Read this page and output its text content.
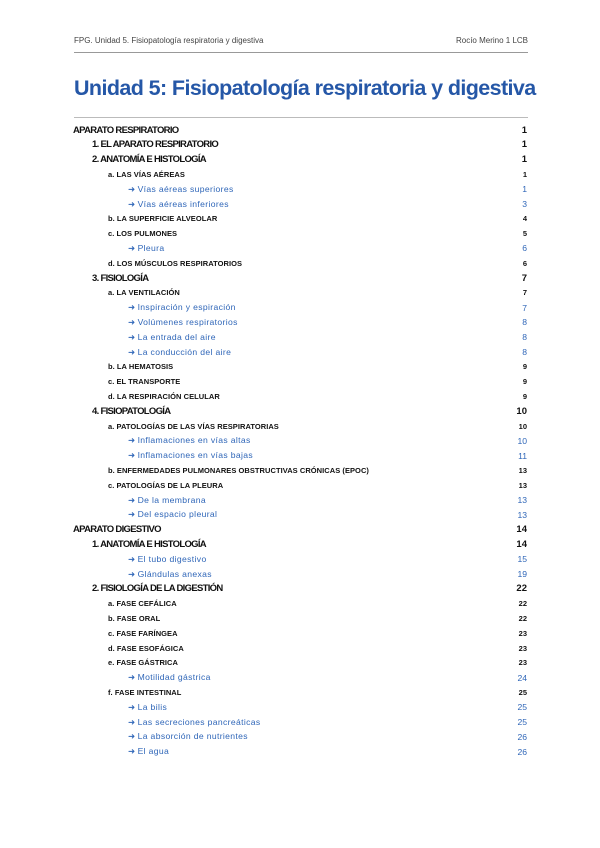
FPG. Unidad 5. Fisiopatología respiratoria y digestiva	Rocío Merino 1 LCB
Unidad 5: Fisiopatología respiratoria y digestiva
APARATO RESPIRATORIO	1
1. EL APARATO RESPIRATORIO	1
2. ANATOMÍA E HISTOLOGÍA	1
a. LAS VÍAS AÉREAS	1
➜ Vías aéreas superiores	1
➜ Vías aéreas inferiores	3
b. LA SUPERFICIE ALVEOLAR	4
c. LOS PULMONES	5
➜ Pleura	6
d. LOS MÚSCULOS RESPIRATORIOS	6
3. FISIOLOGÍA	7
a. LA VENTILACIÓN	7
➜ Inspiración y espiración	7
➜ Volúmenes respiratorios	8
➜ La entrada del aire	8
➜ La conducción del aire	8
b. LA HEMATOSIS	9
c. EL TRANSPORTE	9
d. LA RESPIRACIÓN CELULAR	9
4. FISIOPATOLOGÍA	10
a. PATOLOGÍAS DE LAS VÍAS RESPIRATORIAS	10
➜ Inflamaciones en vías altas	10
➜ Inflamaciones en vías bajas	11
b. ENFERMEDADES PULMONARES OBSTRUCTIVAS CRÓNICAS (EPOC)	13
c. PATOLOGÍAS DE LA PLEURA	13
➜ De la membrana	13
➜ Del espacio pleural	13
APARATO DIGESTIVO	14
1. ANATOMÍA E HISTOLOGÍA	14
➜ El tubo digestivo	15
➜ Glándulas anexas	19
2. FISIOLOGÍA DE LA DIGESTIÓN	22
a. FASE CEFÁLICA	22
b. FASE ORAL	22
c. FASE FARÍNGEA	23
d. FASE ESOFÁGICA	23
e. FASE GÁSTRICA	23
➜ Motilidad gástrica	24
f. FASE INTESTINAL	25
➜ La bilis	25
➜ Las secreciones pancreáticas	25
➜ La absorción de nutrientes	26
➜ El agua	26
